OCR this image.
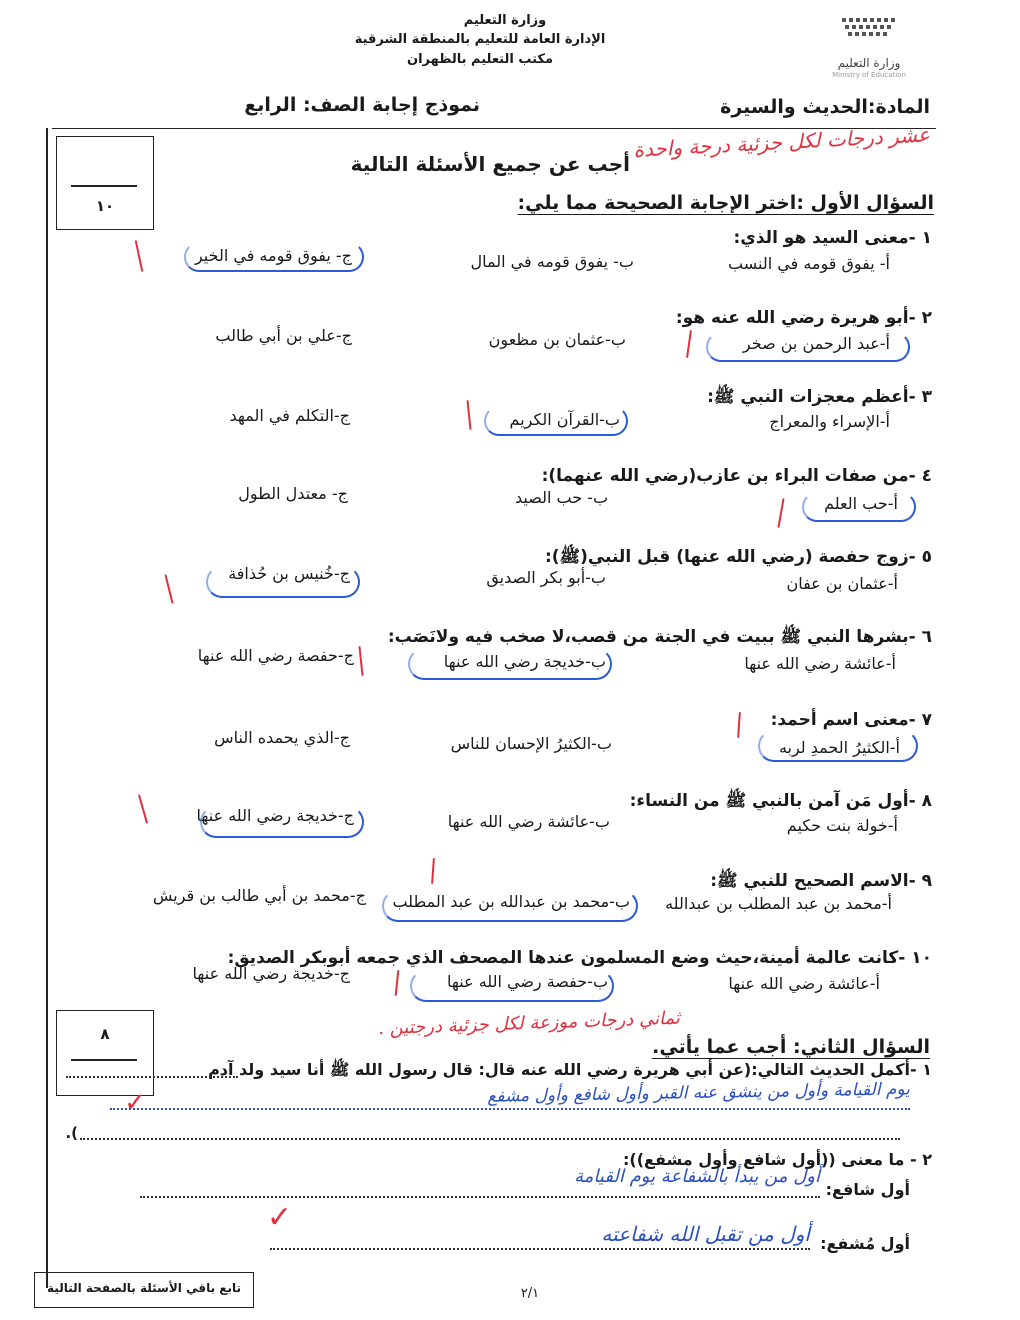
وزارة التعليم
الإدارة العامة للتعليم بالمنطقة الشرقية
مكتب التعليم بالظهران	وزارة التعليم
Ministry of Education
المادة:الحديث والسيرة
نموذج إجابة الصف: الرابع
١٠
عشر درجات لكل جزئية درجة واحدة
أجب عن جميع الأسئلة التالية
السؤال الأول :اختر الإجابة الصحيحة مما يلي:
١ -معنى السيد هو الذي:
أ- يفوق قومه في النسب
ب- يفوق قومه في المال
ج- يفوق قومه في الخير
٢ -أبو هريرة رضي الله عنه هو:
أ-عبد الرحمن بن صخر
ب-عثمان بن مظعون
ج-علي بن أبي طالب
٣ -أعظم معجزات النبي ﷺ:
أ-الإسراء والمعراج
ب-القرآن الكريم
ج-التكلم في المهد
٤ -من صفات البراء بن عازب(رضي الله عنهما):
أ-حب العلم
ب- حب الصيد
ج- معتدل الطول
٥ -زوج حفصة (رضي الله عنها) قبل النبي(ﷺ):
أ-عثمان بن عفان
ب-أبو بكر الصديق
ج-خُنيس بن حُذافة
٦ -بشرها النبي ﷺ ببيت في الجنة من قصب،لا صخب فيه ولانَصَب:
أ-عائشة رضي الله عنها
ب-خديجة رضي الله عنها
ج-حفصة رضي الله عنها
٧ -معنى اسم أحمد:
أ-الكثيرُ الحمدِ لربه
ب-الكثيرُ الإحسان للناس
ج-الذي يحمده الناس
٨ -أول مَن آمن بالنبي ﷺ من النساء:
أ-خولة بنت حكيم
ب-عائشة رضي الله عنها
ج-خديجة رضي الله عنها
٩ -الاسم الصحيح للنبي ﷺ:
أ-محمد بن عبد المطلب بن عبدالله
ب-محمد بن عبدالله بن عبد المطلب
ج-محمد بن أبي طالب بن قريش
١٠ -كانت عالمة أمينة،حيث وضع المسلمون عندها المصحف الذي جمعه أبوبكر الصديق:
أ-عائشة رضي الله عنها
ب-حفصة رضي الله عنها
ج-خديجة رضي الله عنها
٨	ثماني درجات موزعة لكل جزئية درجتين .
السؤال الثاني: أجب عما يأتي.
١ -أكمل الحديث التالي:(عن أبي هريرة رضي الله عنه قال: قال رسول الله ﷺ أنا سيد ولد آدم
يوم القيامة وأول من ينشق عنه القبر وأول شافع وأول مشفع
✓
).
٢ - ما معنى ((أول شافع وأول مشفع)):
أول شافع:
أول من يبدأ بالشفاعة يوم القيامة
أول مُشفع:
أول من تقبل الله شفاعته
✓
تابع باقي الأسئلة بالصفحة التالية	٢/١
